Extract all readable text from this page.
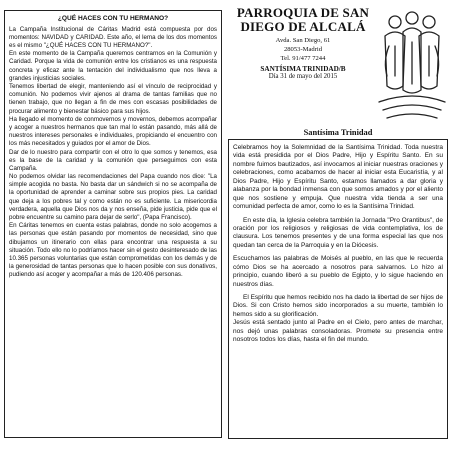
¿QUÉ HACES CON TU HERMANO?

La Campaña Institucional de Cáritas Madrid está compuesta por dos momentos: NAVIDAD y CARIDAD. Este año, el lema de los dos momentos es el mismo "¿QUÉ HACES CON TU HERMANO?".

En este momento de la Campaña queremos centrarnos en la Comunión y Caridad. Porque la vida de comunión entre los cristianos es una respuesta concreta y eficaz ante la tentación del individualismo que nos lleva a grandes injusticias sociales.

Tenemos libertad de elegir, manteniendo así el vínculo de reciprocidad y comunión. No podemos vivir ajenos al drama de tantas familias que no tienen trabajo, que no llegan a fin de mes con escasas posibilidades de procurar alimento y bienestar básico para sus hijos.

Ha llegado el momento de conmovernos y movernos, debemos acompañar y acoger a nuestros hermanos que tan mal lo están pasando, más allá de nuestros intereses personales e individuales, propiciando el encuentro con los más necesitados y guiados por el amor de Dios.

Dar de lo nuestro para compartir con el otro lo que somos y tenemos, esa es la base de la caridad y la comunión que perseguimos con esta Campaña.

No podemos olvidar las recomendaciones del Papa cuando nos dice: "La simple acogida no basta. No basta dar un sándwich si no se acompaña de la oportunidad de aprender a caminar sobre sus propios pies. La caridad que deja a los pobres tal y como están no es suficiente. La misericordia verdadera, aquella que Dios nos da y nos enseña, pide justicia, pide que el pobre encuentre su camino para dejar de serlo", (Papa Francisco).

En Cáritas tenemos en cuenta estas palabras, donde no solo acogemos a las personas que están pasando por momentos de necesidad, sino que dibujamos un itinerario con ellas para encontrar una respuesta a su situación. Todo ello no lo podríamos hacer sin el gesto desinteresado de las 10.365 personas voluntarias que están comprometidas con los demás y de la generosidad de tantas personas que lo hacen posible con sus donativos, pudiendo así acoger y acompañar a más de 120.406 personas.

PARROQUIA DE SAN DIEGO DE ALCALÁ
Avda. San Diego, 61
28053-Madrid
Tel. 91/477 7244
SANTÍSIMA TRINIDAD/B
Día 31 de mayo del 2015
Santísima Trinidad

Celebramos hoy la Solemnidad de la Santísima Trinidad. Toda nuestra vida está presidida por el Dios Padre, Hijo y Espíritu Santo. En su nombre fuimos bautizados, así invocamos al iniciar nuestras oraciones y celebraciones, como acabamos de hacer al iniciar esta Eucaristía, y al Dios Padre, Hijo y Espíritu Santo, estamos llamados a dar gloria y alabanza por la bondad inmensa con que somos amados y por el aliento que nos sostiene y empuja. Que nuestra vida tienda a ser una comunidad perfecta de amor, como lo es la Santísima Trinidad.

En este día, la Iglesia celebra también la Jornada "Pro Orantibus", de oración por los religiosos y religiosas de vida contemplativa, los de clausura. Los tenemos presentes y de una forma especial las que nos quedan tan cerca de la Parroquia y en la Diócesis.

Escuchamos las palabras de Moisés al pueblo, en las que le recuerda cómo Dios se ha acercado a nosotros para salvarnos. Lo hizo al principio, cuando liberó a su pueblo de Egipto, y lo sigue haciendo en nuestros días.

El Espíritu que hemos recibido nos ha dado la libertad de ser hijos de Dios. Si con Cristo hemos sido incorporados a su muerte, también lo hemos sido a su glorificación.

Jesús está sentado junto al Padre en el Cielo, pero antes de marchar, nos dejó unas palabras consoladoras. Promete su presencia entre nosotros todos los días, hasta el fin del mundo.
